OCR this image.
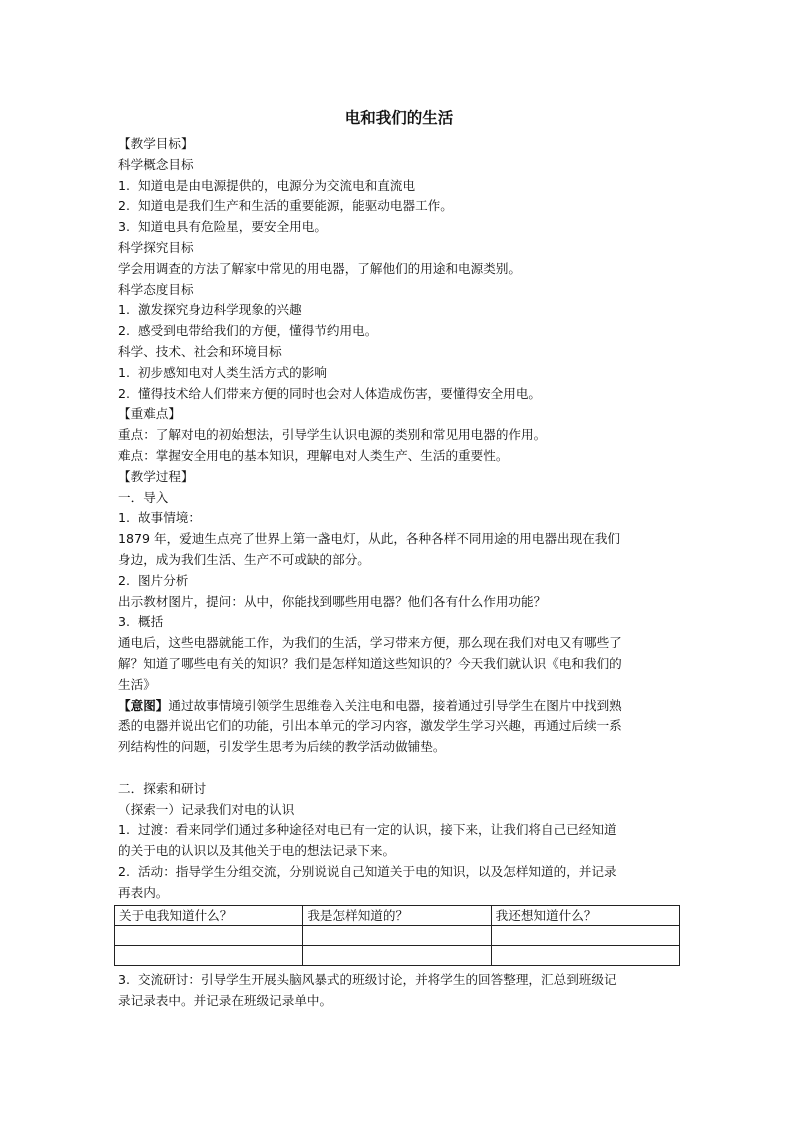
电和我们的生活
【教学目标】
科学概念目标
1. 知道电是由电源提供的，电源分为交流电和直流电
2. 知道电是我们生产和生活的重要能源，能驱动电器工作。
3. 知道电具有危险星，要安全用电。
科学探究目标
学会用调查的方法了解家中常见的用电器，了解他们的用途和电源类别。
科学态度目标
1. 激发探究身边科学现象的兴趣
2. 感受到电带给我们的方便，懂得节约用电。
科学、技术、社会和环境目标
1. 初步感知电对人类生活方式的影响
2. 懂得技术给人们带来方便的同时也会对人体造成伤害，要懂得安全用电。
【重难点】
重点：了解对电的初始想法，引导学生认识电源的类别和常见用电器的作用。
难点：掌握安全用电的基本知识，理解电对人类生产、生活的重要性。
【教学过程】
一．导入
1. 故事情境：
1879 年，爱迪生点亮了世界上第一盏电灯，从此，各种各样不同用途的用电器出现在我们
身边，成为我们生活、生产不可或缺的部分。
2. 图片分析
出示教材图片，提问：从中，你能找到哪些用电器？他们各有什么作用功能？
3. 概括
通电后，这些电器就能工作，为我们的生活，学习带来方便，那么现在我们对电又有哪些了
解？知道了哪些电有关的知识？我们是怎样知道这些知识的？今天我们就认识《电和我们的
生活》
【意图】通过故事情境引领学生思维卷入关注电和电器，接着通过引导学生在图片中找到熟
悉的电器并说出它们的功能，引出本单元的学习内容，激发学生学习兴趣，再通过后续一系
列结构性的问题，引发学生思考为后续的教学活动做铺垫。
二．探索和研讨
（探索一）记录我们对电的认识
1. 过渡：看来同学们通过多种途径对电已有一定的认识，接下来，让我们将自己已经知道
的关于电的认识以及其他关于电的想法记录下来。
2. 活动：指导学生分组交流，分别说说自己知道关于电的知识，以及怎样知道的，并记录
再表内。
关于电我知道什么？	我是怎样知道的？	我还想知道什么？

3. 交流研讨：引导学生开展头脑风暴式的班级讨论，并将学生的回答整理，汇总到班级记
录记录表中。并记录在班级记录单中。
